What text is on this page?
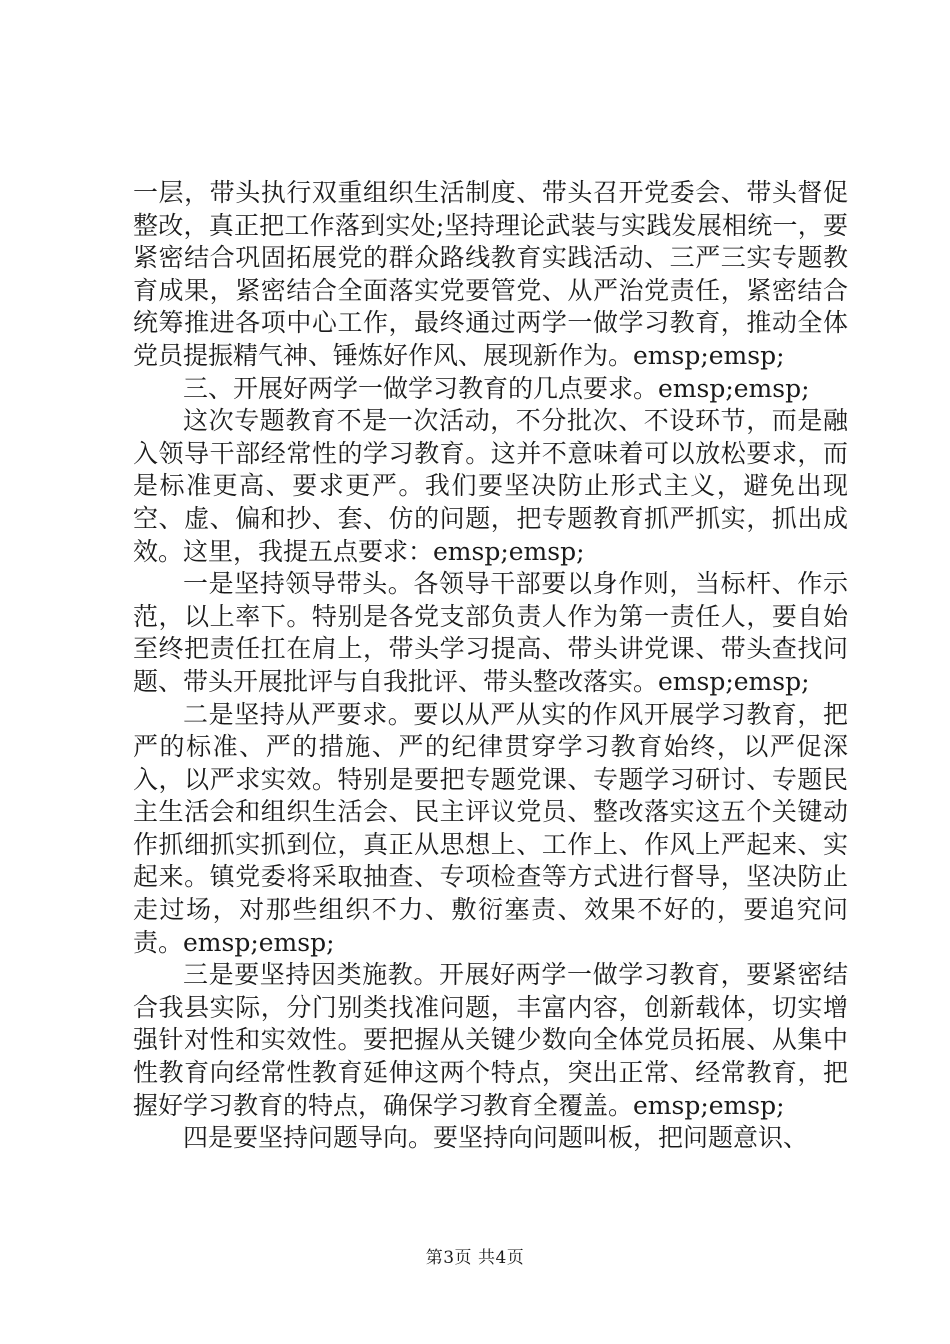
一层，带头执行双重组织生活制度、带头召开党委会、带头督促整改，真正把工作落到实处;坚持理论武装与实践发展相统一，要紧密结合巩固拓展党的群众路线教育实践活动、三严三实专题教育成果，紧密结合全面落实党要管党、从严治党责任，紧密结合统筹推进各项中心工作，最终通过两学一做学习教育，推动全体党员提振精气神、锤炼好作风、展现新作为。emsp;emsp;

三、开展好两学一做学习教育的几点要求。emsp;emsp;

这次专题教育不是一次活动，不分批次、不设环节，而是融入领导干部经常性的学习教育。这并不意味着可以放松要求，而是标准更高、要求更严。我们要坚决防止形式主义，避免出现空、虚、偏和抄、套、仿的问题，把专题教育抓严抓实，抓出成效。这里，我提五点要求：emsp;emsp;

一是坚持领导带头。各领导干部要以身作则，当标杆、作示范，以上率下。特别是各党支部负责人作为第一责任人，要自始至终把责任扛在肩上，带头学习提高、带头讲党课、带头查找问题、带头开展批评与自我批评、带头整改落实。emsp;emsp;

二是坚持从严要求。要以从严从实的作风开展学习教育，把严的标准、严的措施、严的纪律贯穿学习教育始终，以严促深入，以严求实效。特别是要把专题党课、专题学习研讨、专题民主生活会和组织生活会、民主评议党员、整改落实这五个关键动作抓细抓实抓到位，真正从思想上、工作上、作风上严起来、实起来。镇党委将采取抽查、专项检查等方式进行督导，坚决防止走过场，对那些组织不力、敷衍塞责、效果不好的，要追究问责。emsp;emsp;

三是要坚持因类施教。开展好两学一做学习教育，要紧密结合我县实际，分门别类找准问题，丰富内容，创新载体，切实增强针对性和实效性。要把握从关键少数向全体党员拓展、从集中性教育向经常性教育延伸这两个特点，突出正常、经常教育，把握好学习教育的特点，确保学习教育全覆盖。emsp;emsp;

四是要坚持问题导向。要坚持向问题叫板，把问题意识、

第3页 共4页
